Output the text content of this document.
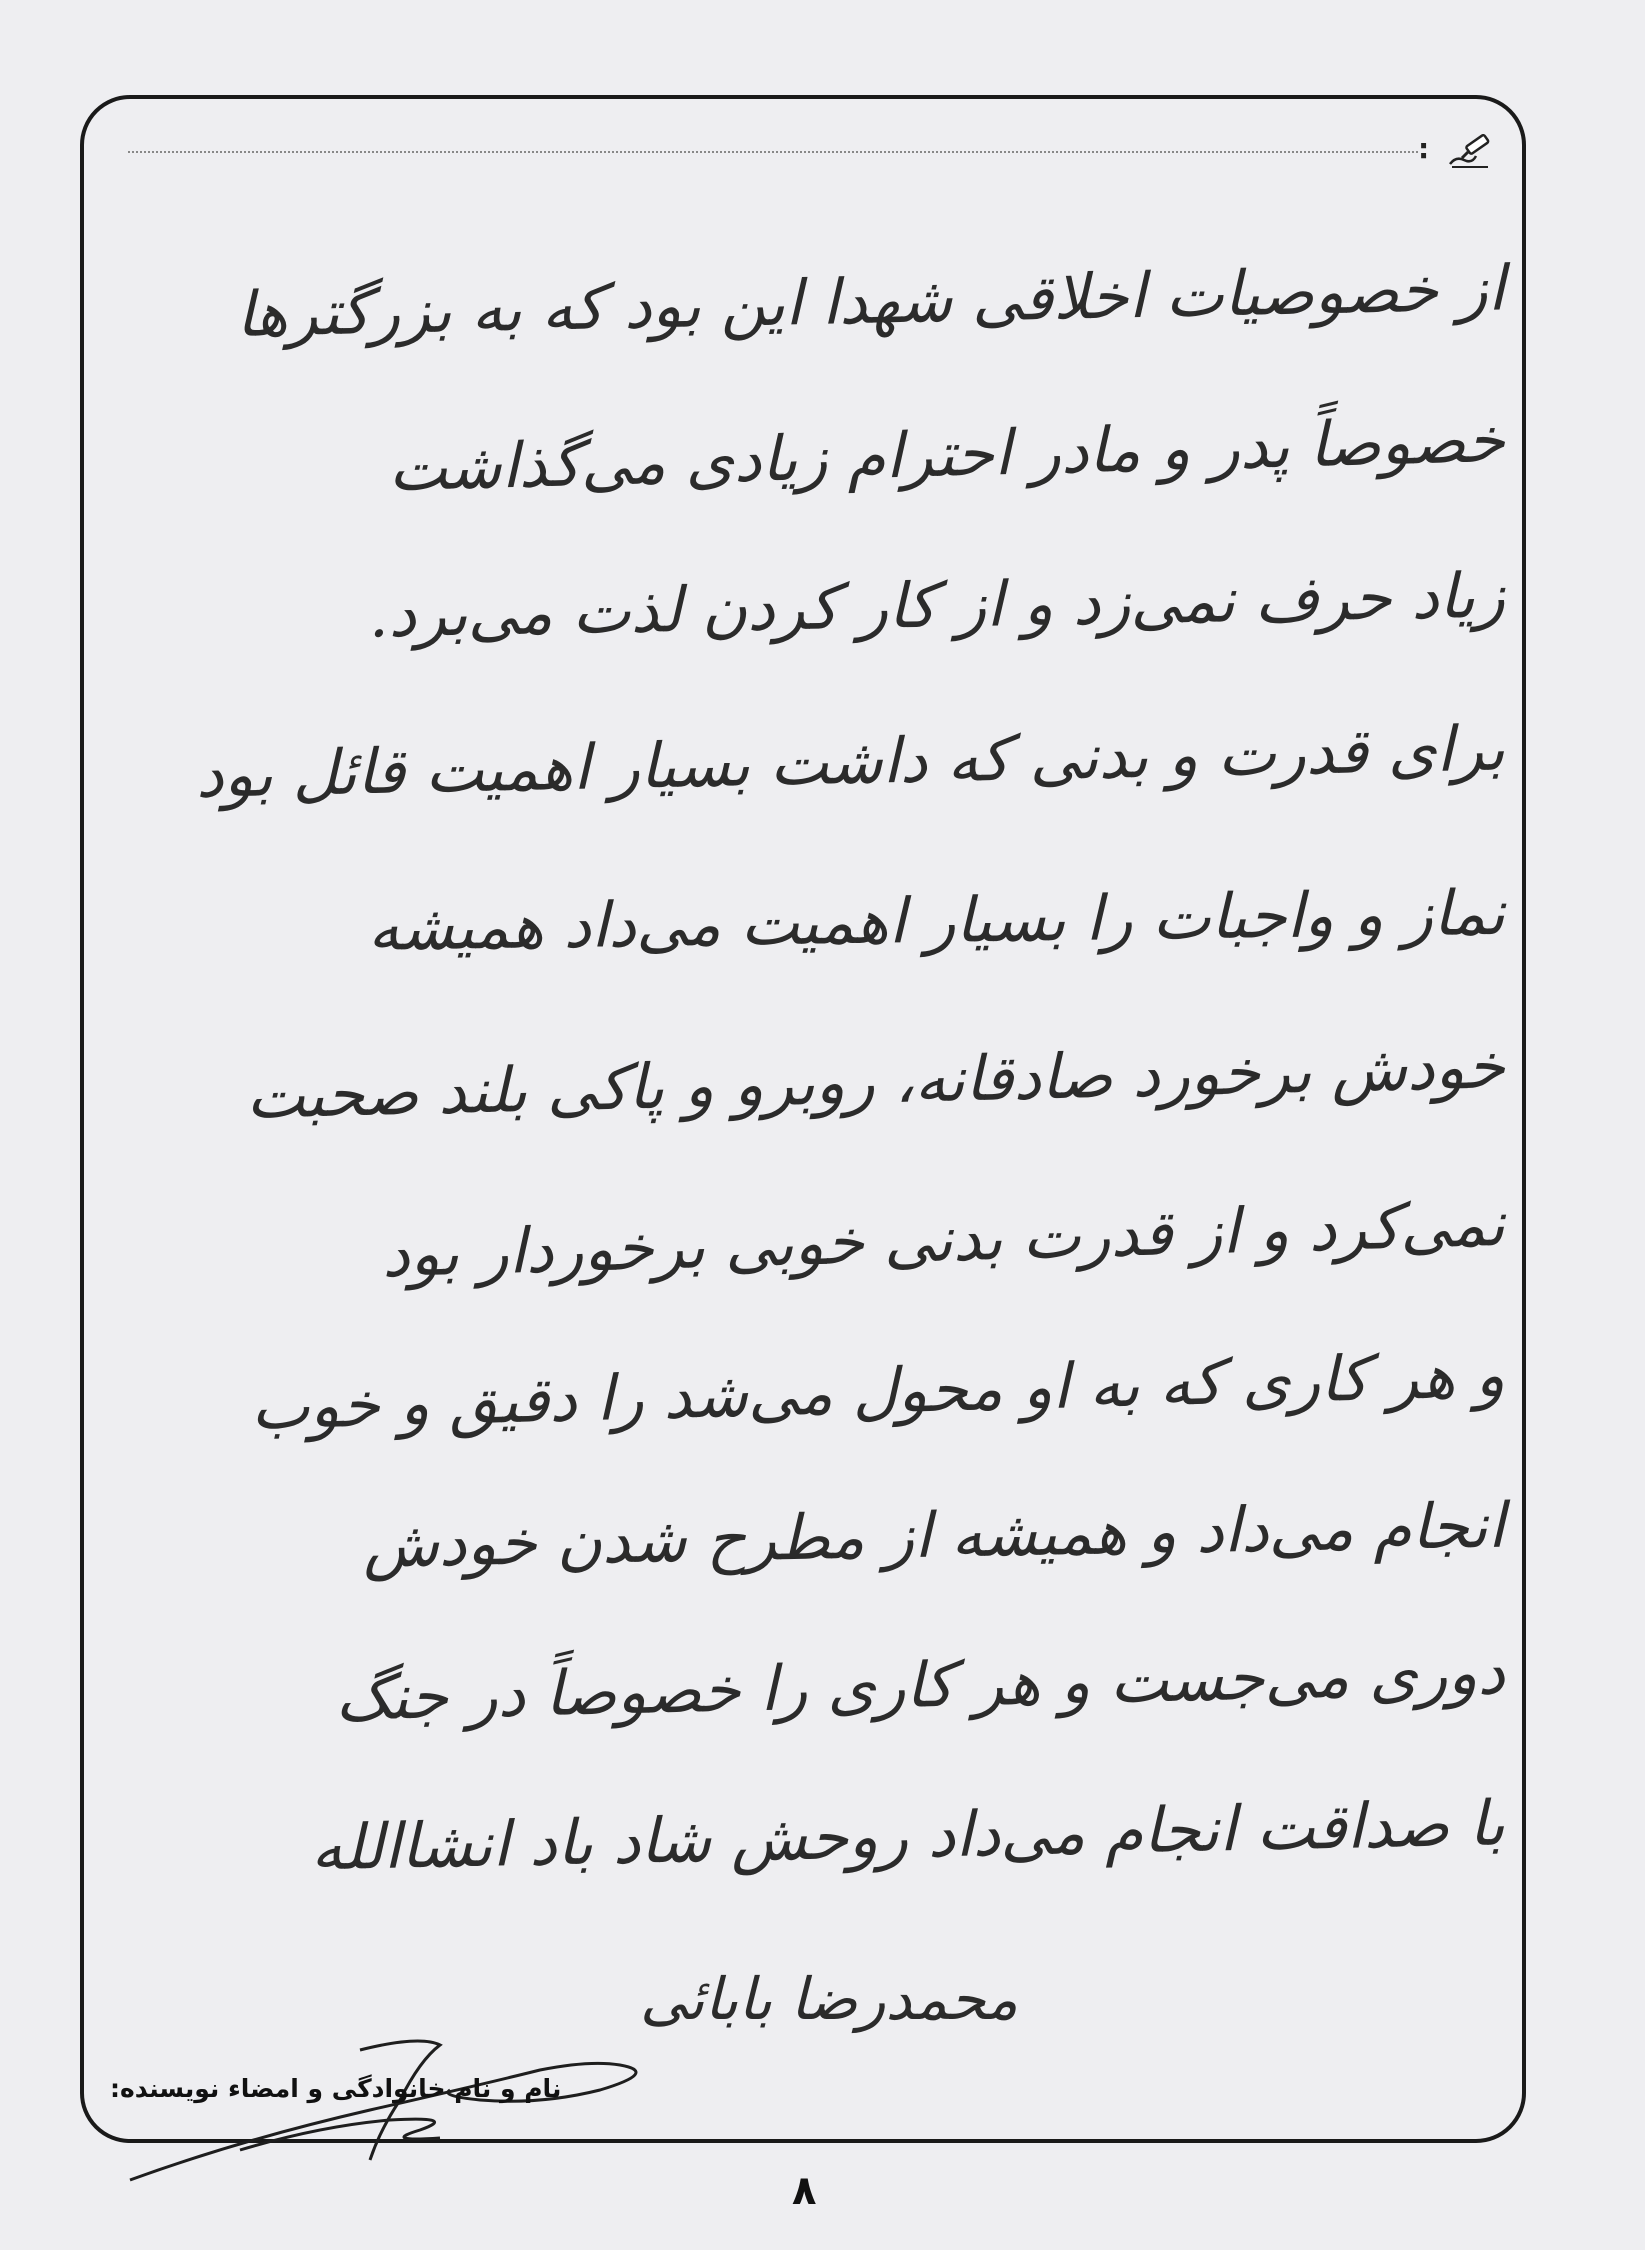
:
از خصوصیات اخلاقی شهدا این بود که به بزرگترها
خصوصاً پدر و مادر احترام زیادی می‌گذاشت
زیاد حرف نمی‌زد و از کار کردن لذت می‌برد.
برای قدرت و بدنی که داشت بسیار اهمیت قائل بود
نماز و واجبات را بسیار اهمیت می‌داد همیشه
خودش برخورد صادقانه، روبرو و پاکی بلند صحبت
نمی‌کرد و از قدرت بدنی خوبی برخوردار بود
و هر کاری که به او محول می‌شد را دقیق و خوب
انجام می‌داد و همیشه از مطرح شدن خودش
دوری می‌جست و هر کاری را خصوصاً در جنگ
با صداقت انجام می‌داد روحش شاد باد انشاالله
محمدرضا بابائی
نام و نام خانوادگی و امضاء نویسنده:
۸
